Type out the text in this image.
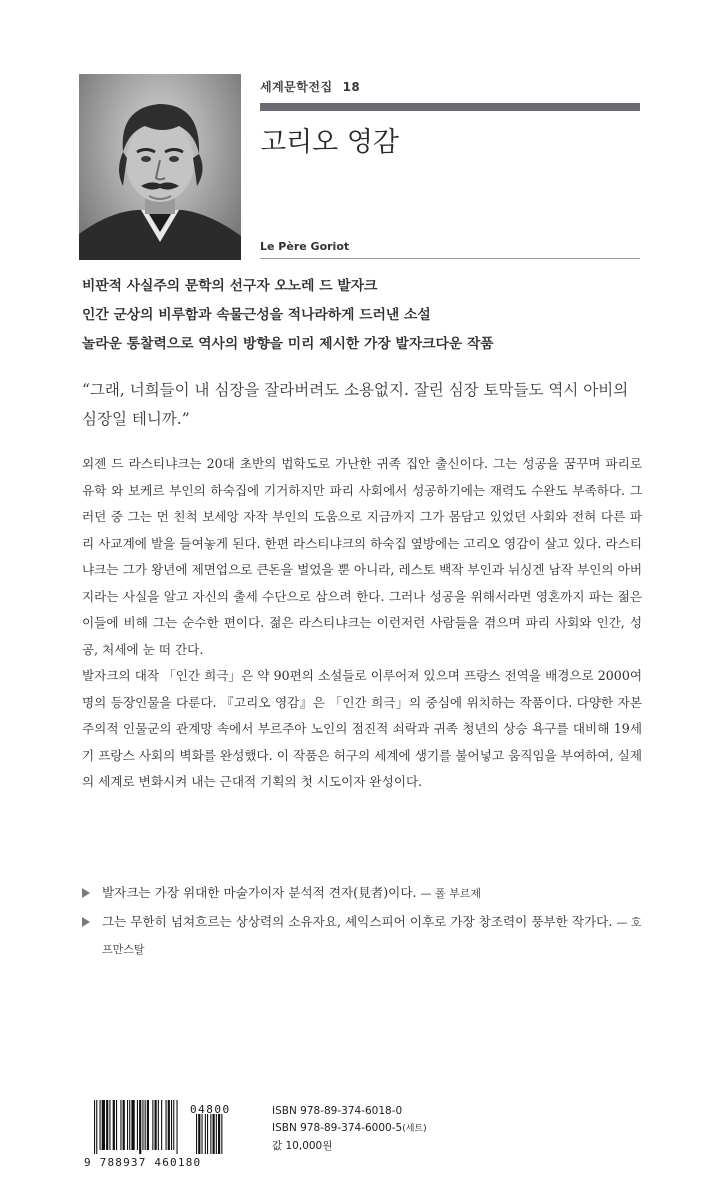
세계문학전집 18
고리오 영감
Le Père Goriot
비판적 사실주의 문학의 선구자 오노레 드 발자크
인간 군상의 비루함과 속물근성을 적나라하게 드러낸 소설
놀라운 통찰력으로 역사의 방향을 미리 제시한 가장 발자크다운 작품
“그래, 너희들이 내 심장을 잘라버려도 소용없지. 잘린 심장 토막들도 역시 아비의 심장일 테니까.”

외젠 드 라스티냐크는 20대 초반의 법학도로 가난한 귀족 집안 출신이다. 그는 성공을 꿈꾸며 파리로 유학 와 보케르 부인의 하숙집에 기거하지만 파리 사회에서 성공하기에는 재력도 수완도 부족하다. 그러던 중 그는 먼 친척 보세앙 자작 부인의 도움으로 지금까지 그가 몸담고 있었던 사회와 전혀 다른 파리 사교계에 발을 들여놓게 된다. 한편 라스티냐크의 하숙집 옆방에는 고리오 영감이 살고 있다. 라스티냐크는 그가 왕년에 제면업으로 큰돈을 벌었을 뿐 아니라, 레스토 백작 부인과 뉘싱겐 남작 부인의 아버지라는 사실을 알고 자신의 출세 수단으로 삼으려 한다. 그러나 성공을 위해서라면 영혼까지 파는 젊은이들에 비해 그는 순수한 편이다. 젊은 라스티냐크는 이런저런 사람들을 겪으며 파리 사회와 인간, 성공, 처세에 눈 떠 간다.

발자크의 대작 「인간 희극」은 약 90편의 소설들로 이루어져 있으며 프랑스 전역을 배경으로 2000여 명의 등장인물을 다룬다. 『고리오 영감』은 「인간 희극」의 중심에 위치하는 작품이다. 다양한 자본주의적 인물군의 관계망 속에서 부르주아 노인의 점진적 쇠락과 귀족 청년의 상승 욕구를 대비해 19세기 프랑스 사회의 벽화를 완성했다. 이 작품은 허구의 세계에 생기를 불어넣고 움직임을 부여하여, 실제의 세계로 변화시켜 내는 근대적 기획의 첫 시도이자 완성이다.

발자크는 가장 위대한 마술가이자 분석적 견자(見者)이다. — 폴 부르제
그는 무한히 넘쳐흐르는 상상력의 소유자요, 셰익스피어 이후로 가장 창조력이 풍부한 작가다. — 호프만스탈
9 788937 460180
04800	ISBN 978-89-374-6018-0
ISBN 978-89-374-6000-5(세트)
값 10,000원
